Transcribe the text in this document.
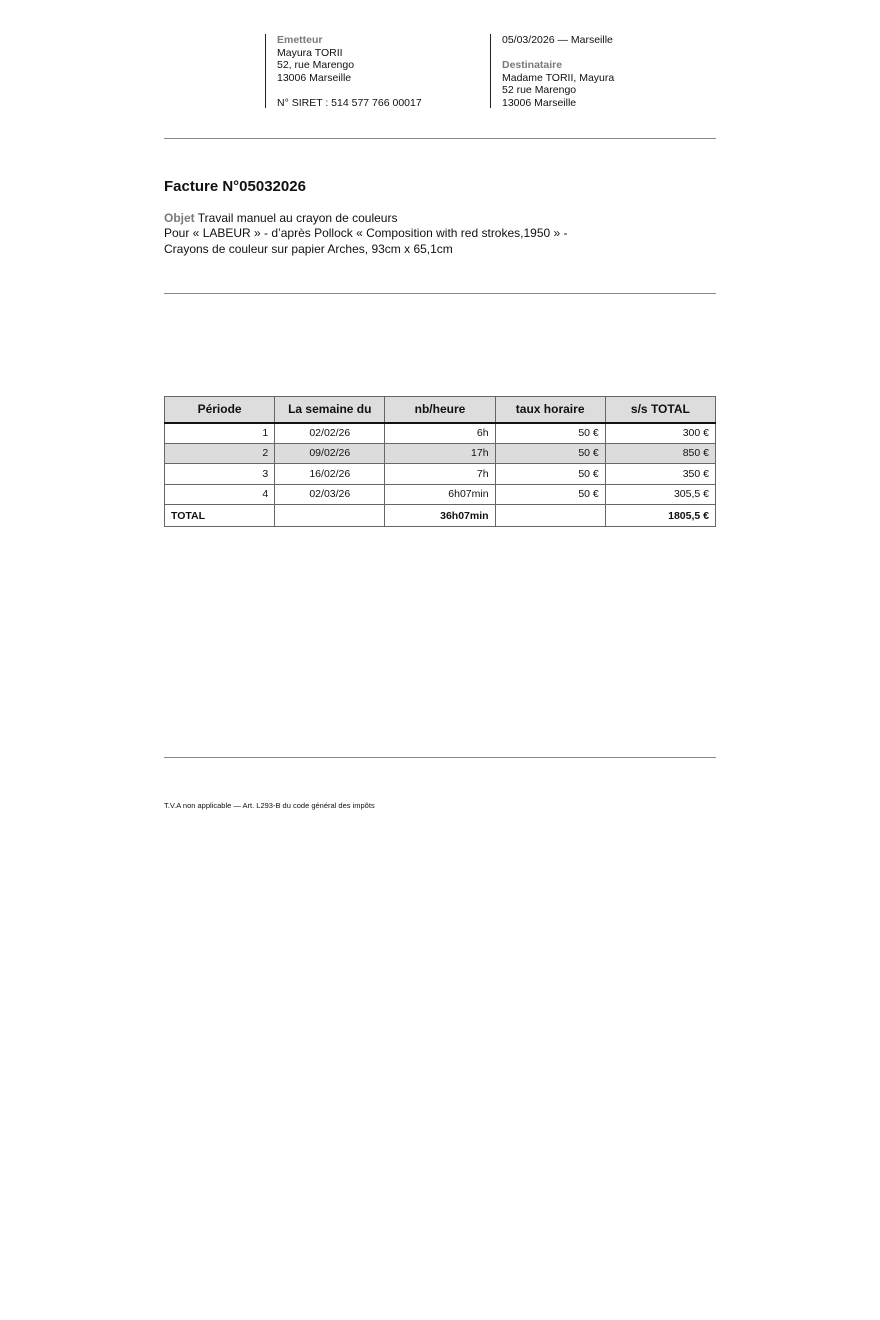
Emetteur
Mayura TORII
52, rue Marengo
13006 Marseille
N° SIRET : 514 577 766 00017
05/03/2026 — Marseille
Destinataire
Madame TORII, Mayura
52 rue Marengo
13006 Marseille
Facture N°05032026
Objet Travail manuel au crayon de couleurs
Pour « LABEUR » - d’après Pollock « Composition with red strokes,1950 » -
Crayons de couleur sur papier Arches, 93cm x 65,1cm
Période	La semaine du	nb/heure	taux horaire	s/s TOTAL
1	02/02/26	6h	50 €	300 €
2	09/02/26	17h	50 €	850 €
3	16/02/26	7h	50 €	350 €
4	02/03/26	6h07min	50 €	305,5 €
TOTAL		36h07min		1805,5 €
T.V.A non applicable — Art. L293-B du code général des impôts
